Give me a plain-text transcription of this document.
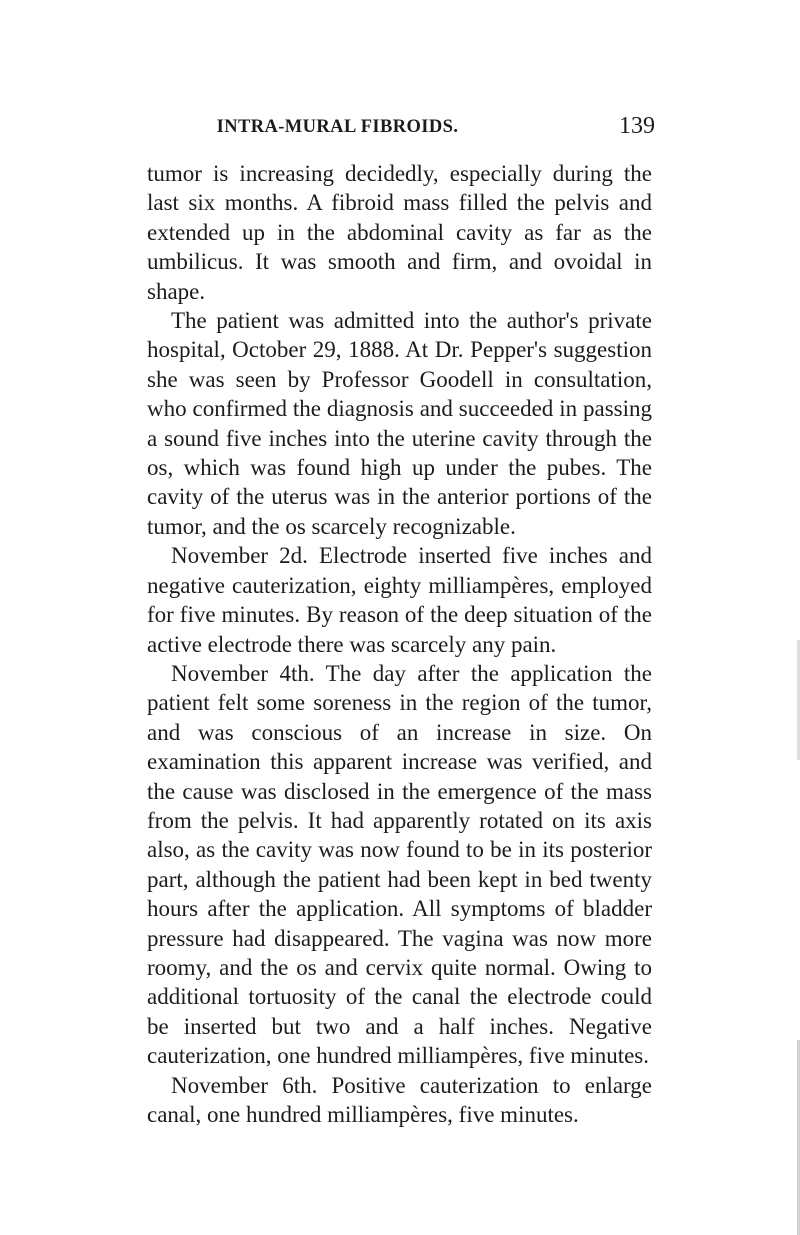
INTRA-MURAL FIBROIDS.	139

tumor is increasing decidedly, especially during the last six months. A fibroid mass filled the pelvis and extended up in the abdominal cavity as far as the umbilicus. It was smooth and firm, and ovoidal in shape.

The patient was admitted into the author's private hospital, October 29, 1888. At Dr. Pepper's suggestion she was seen by Professor Goodell in consultation, who confirmed the diagnosis and succeeded in passing a sound five inches into the uterine cavity through the os, which was found high up under the pubes. The cavity of the uterus was in the anterior portions of the tumor, and the os scarcely recognizable.

November 2d. Electrode inserted five inches and negative cauterization, eighty milliampères, employed for five minutes. By reason of the deep situation of the active electrode there was scarcely any pain.

November 4th. The day after the application the patient felt some soreness in the region of the tumor, and was conscious of an increase in size. On examination this apparent increase was verified, and the cause was disclosed in the emergence of the mass from the pelvis. It had apparently rotated on its axis also, as the cavity was now found to be in its posterior part, although the patient had been kept in bed twenty hours after the application. All symptoms of bladder pressure had disappeared. The vagina was now more roomy, and the os and cervix quite normal. Owing to additional tortuosity of the canal the electrode could be inserted but two and a half inches. Negative cauterization, one hundred milliampères, five minutes.

November 6th. Positive cauterization to enlarge canal, one hundred milliampères, five minutes.
